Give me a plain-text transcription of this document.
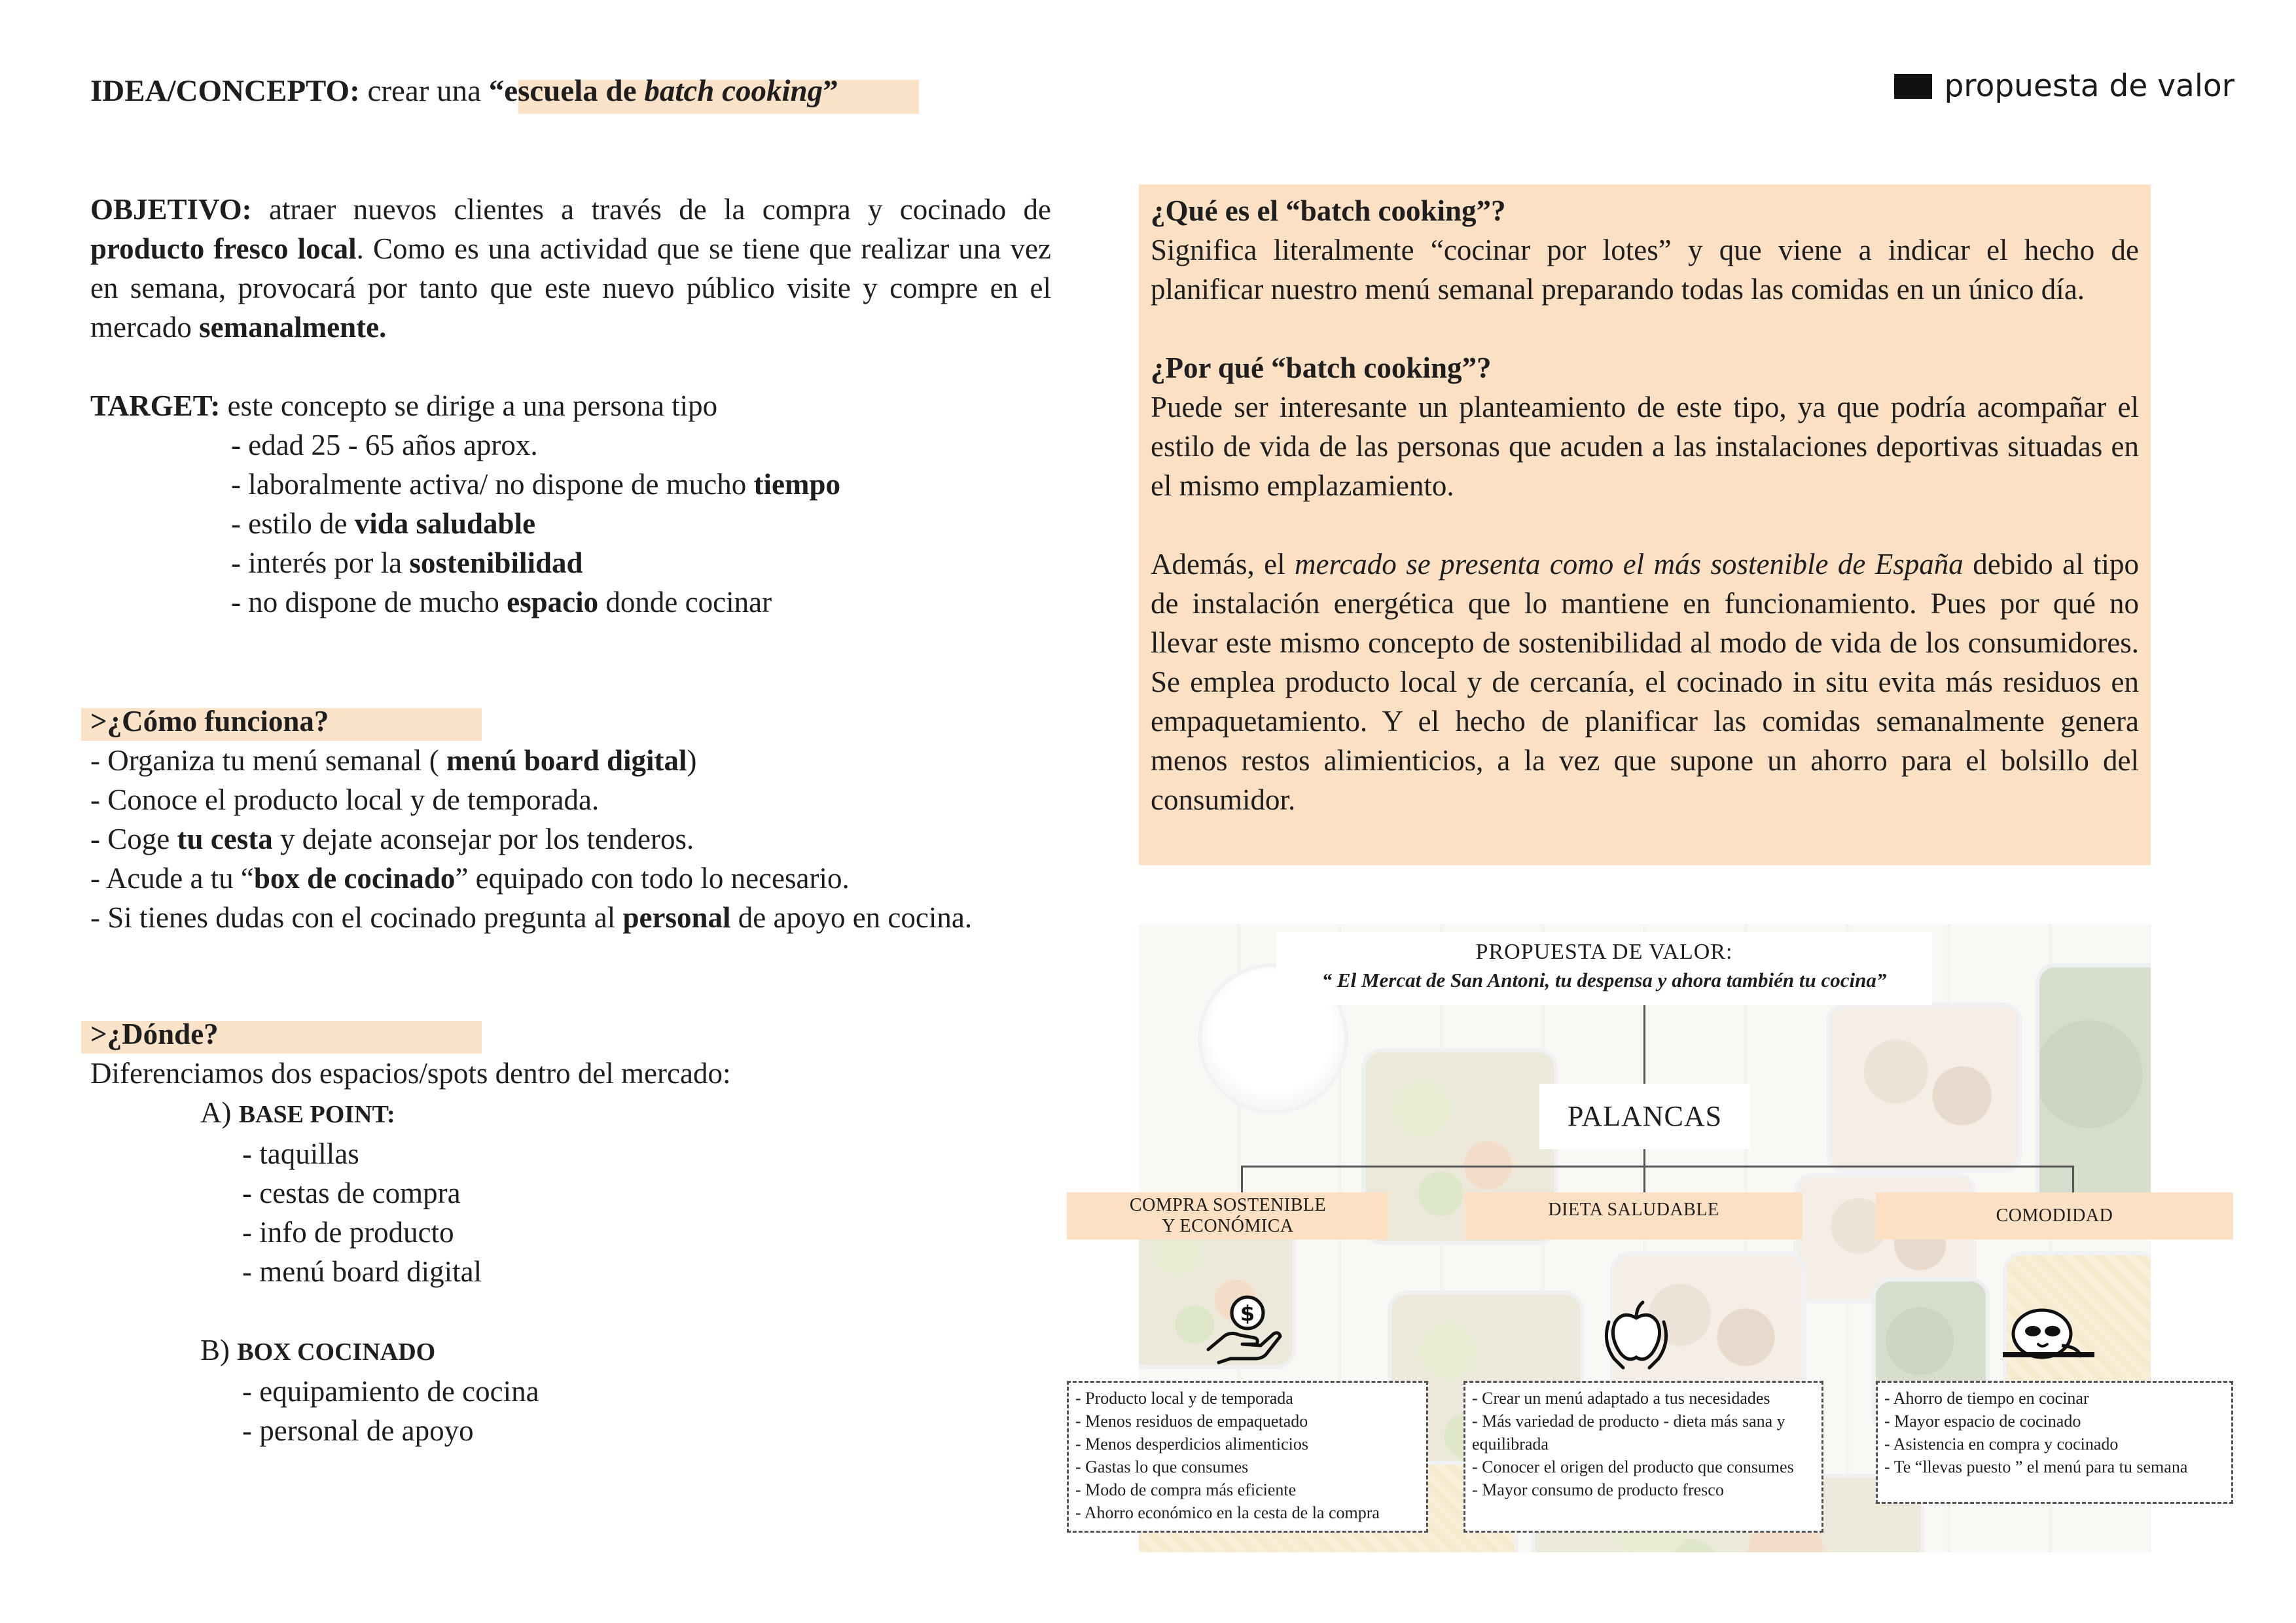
IDEA/CONCEPTO: crear una “escuela de batch cooking”	propuesta de valor
OBJETIVO: atraer nuevos clientes a través de la compra y cocinado de producto fresco local. Como es una actividad que se tiene que realizar una vez en semana, provocará por tanto que este nuevo público visite y compre en el mercado semanalmente.
TARGET: este concepto se dirige a una persona tipo
- edad 25 - 65 años aprox.
- laboralmente activa/ no dispone de mucho tiempo
- estilo de vida saludable
- interés por la sostenibilidad
- no dispone de mucho espacio donde cocinar
>¿Cómo funciona?
- Organiza tu menú semanal ( menú board digital)
- Conoce el producto local y de temporada.
- Coge tu cesta y dejate aconsejar por los tenderos.
- Acude a tu “box de cocinado” equipado con todo lo necesario.
- Si tienes dudas con el cocinado pregunta al personal de apoyo en cocina.
>¿Dónde?
Diferenciamos dos espacios/spots dentro del mercado:
A) BASE POINT:
- taquillas
- cestas de compra
- info de producto
- menú board digital
B) BOX COCINADO
- equipamiento de cocina
- personal de apoyo
¿Qué es el “batch cooking”?
Significa literalmente “cocinar por lotes” y que viene a indicar el hecho de planificar nuestro menú semanal preparando todas las comidas en un único día.
¿Por qué “batch cooking”?
Puede ser interesante un planteamiento de este tipo, ya que podría acompañar el estilo de vida de las personas que acuden a las instalaciones deportivas situadas en el mismo emplazamiento.
Además, el mercado se presenta como el más sostenible de España debido al tipo de instalación energética que lo mantiene en funcionamiento. Pues por qué no llevar este mismo concepto de sostenibilidad al modo de vida de los consumidores. Se emplea producto local y de cercanía, el cocinado in situ evita más residuos en empaquetamiento. Y el hecho de planificar las comidas semanalmente genera menos restos alimienticios, a la vez que supone un ahorro para el bolsillo del consumidor.
PROPUESTA DE VALOR:
“ El Mercat de San Antoni, tu despensa y ahora también tu cocina”
PALANCAS
COMPRA SOSTENIBLE
Y ECONÓMICA
DIETA SALUDABLE	COMODIDAD
$
- Producto local y de temporada
- Menos residuos de empaquetado
- Menos desperdicios alimenticios
- Gastas lo que consumes
- Modo de compra más eficiente
- Ahorro económico en la cesta de la compra
- Crear un menú adaptado a tus necesidades
- Más variedad de producto - dieta más sana y equilibrada
- Conocer el origen del producto que consumes
- Mayor consumo de producto fresco
- Ahorro de tiempo en cocinar
- Mayor espacio de cocinado
- Asistencia en compra y cocinado
- Te “llevas puesto ” el menú para tu semana
